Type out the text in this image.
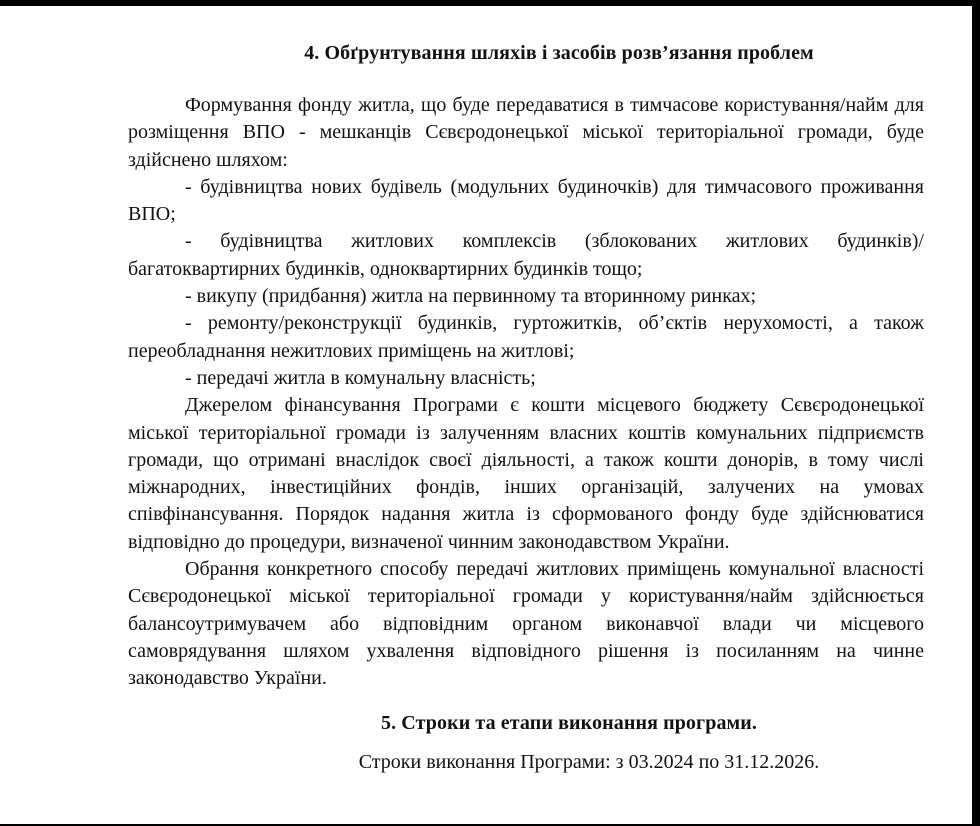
4. Обґрунтування шляхів і засобів розв’язання проблем

Формування фонду житла, що буде передаватися в тимчасове користування/найм для розміщення ВПО - мешканців Сєвєродонецької міської територіальної громади, буде здійснено шляхом:

- будівництва нових будівель (модульних будиночків) для тимчасового проживання ВПО;

- будівництва житлових комплексів (зблокованих житлових будинків)/багатоквартирних будинків, одноквартирних будинків тощо;

- викупу (придбання) житла на первинному та вторинному ринках;

- ремонту/реконструкції будинків, гуртожитків, об’єктів нерухомості, а також переобладнання нежитлових приміщень на житлові;

- передачі житла в комунальну власність;

Джерелом фінансування Програми є кошти місцевого бюджету Сєвєродонецької міської територіальної громади із залученням власних коштів комунальних підприємств громади, що отримані внаслідок своєї діяльності, а також кошти донорів, в тому числі міжнародних, інвестиційних фондів, інших організацій, залучених на умовах співфінансування. Порядок надання житла із сформованого фонду буде здійснюватися відповідно до процедури, визначеної чинним законодавством України.

Обрання конкретного способу передачі житлових приміщень комунальної власності Сєвєродонецької міської територіальної громади у користування/найм здійснюється балансоутримувачем або відповідним органом виконавчої влади чи місцевого самоврядування шляхом ухвалення відповідного рішення із посиланням на чинне законодавство України.

5. Строки та етапи виконання програми.
Строки виконання Програми: з 03.2024 по 31.12.2026.
